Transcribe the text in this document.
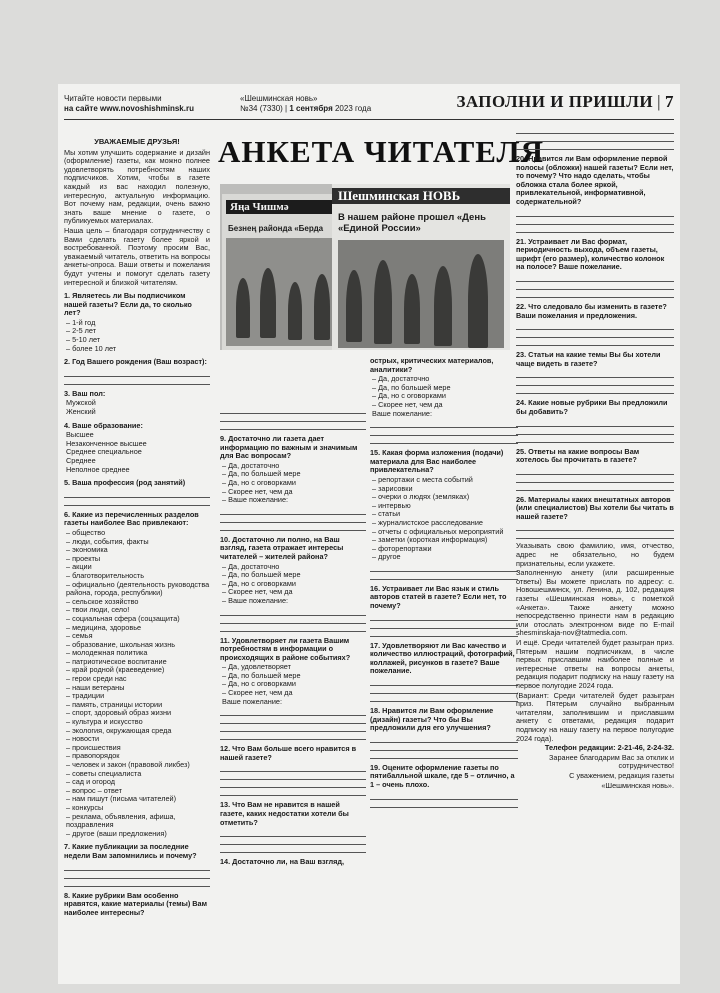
Читайте новости первыми
на сайте www.novoshishminsk.ru
«Шешминская новь»
№34 (7330) | 1 сентября 2023 года	ЗАПОЛНИ И ПРИШЛИ | 7
УВАЖАЕМЫЕ ДРУЗЬЯ!

Мы хотим улучшить содержание и дизайн (оформление) газеты, как можно полнее удовлетворять потребностям наших подписчиков. Хотим, чтобы в газете каждый из вас находил полезную, интересную, актуальную информацию. Вот почему нам, редакции, очень важно знать ваше мнение о газете, о публикуемых материалах.

Наша цель – благодаря сотрудничеству с Вами сделать газету более яркой и востребованной. Поэтому просим Вас, уважаемый читатель, ответить на вопросы анкеты-опроса. Ваши ответы и пожелания будут учтены и помогут сделать газету интересной и близкой читателям.

1. Являетесь ли Вы подписчиком нашей газеты? Если да, то сколько лет?
– 1-й год
– 2-5 лет
– 5-10 лет
– более 10 лет
2. Год Вашего рождения (Ваш возраст):
3. Ваш пол:
Мужской
Женский
4. Ваше образование:
Высшее
Незаконченное высшее
Среднее специальное
Среднее
Неполное среднее
5. Ваша профессия (род занятий)
6. Какие из перечисленных разделов газеты наиболее Вас привлекают:
– общество
– люди, события, факты
– экономика
– проекты
– акции
– благотворительность
– официально (деятельность руководства района, города, республики)
– сельское хозяйство
– твои люди, село!
– социальная сфера (соцзащита)
– медицина, здоровье
– семья
– образование, школьная жизнь
– молодежная политика
– патриотическое воспитание
– край родной (краеведение)
– герои среди нас
– наши ветераны
– традиции
– память, страницы истории
– спорт, здоровый образ жизни
– культура и искусство
– экология, окружающая среда
– новости
– происшествия
– правопорядок
– человек и закон (правовой ликбез)
– советы специалиста
– сад и огород
– вопрос – ответ
– нам пишут (письма читателей)
– конкурсы
– реклама, объявления, афиша, поздравления
– другое (ваши предложения)
7. Какие публикации за последние недели Вам запомнились и почему?
8. Какие рубрики Вам особенно нравятся, какие материалы (темы) Вам наиболее интересны?
АНКЕТА ЧИТАТЕЛЯ
Яңа Чишмә
Безнең районда «Берда
Шешминская НОВЬ
В нашем районе прошел «День «Единой России»
9. Достаточно ли газета дает информацию по важным и значимым для Вас вопросам?
– Да, достаточно
– Да, по большей мере
– Да, но с оговорками
– Скорее нет, чем да
– Ваше пожелание:
10. Достаточно ли полно, на Ваш взгляд, газета отражает интересы читателей – жителей района?
– Да, достаточно
– Да, по большей мере
– Да, но с оговорками
– Скорее нет, чем да
– Ваше пожелание:
11. Удовлетворяет ли газета Вашим потребностям в информации о происходящих в районе событиях?
– Да, удовлетворяет
– Да, по большей мере
– Да, но с оговорками
– Скорее нет, чем да
Ваше пожелание:
12. Что Вам больше всего нравится в нашей газете?
13. Что Вам не нравится в нашей газете, каких недостатки хотели бы отметить?
14. Достаточно ли, на Ваш взгляд,
острых, критических материалов, аналитики?
– Да, достаточно
– Да, по большей мере
– Да, но с оговорками
– Скорее нет, чем да
Ваше пожелание:
15. Какая форма изложения (подачи) материала для Вас наиболее привлекательна?
– репортажи с места событий
– зарисовки
– очерки о людях (земляках)
– интервью
– статьи
– журналистское расследование
– отчеты с официальных мероприятий
– заметки (короткая информация)
– фоторепортажи
– другое
16. Устраивает ли Вас язык и стиль авторов статей в газете? Если нет, то почему?
17. Удовлетворяют ли Вас качество и количество иллюстраций, фотографий, коллажей, рисунков в газете? Ваше пожелание.
18. Нравится ли Вам оформление (дизайн) газеты? Что бы Вы предложили для его улучшения?
19. Оцените оформление газеты по пятибалльной шкале, где 5 – отлично, а 1 – очень плохо.
20. Нравится ли Вам оформление первой полосы (обложки) нашей газеты? Если нет, то почему? Что надо сделать, чтобы обложка стала более яркой, привлекательной, информативной, содержательной?
21. Устраивает ли Вас формат, периодичность выхода, объем газеты, шрифт (его размер), количество колонок на полосе? Ваше пожелание.
22. Что следовало бы изменить в газете? Ваши пожелания и предложения.
23. Статьи на какие темы Вы бы хотели чаще видеть в газете?
24. Какие новые рубрики Вы предложили бы добавить?
25. Ответы на какие вопросы Вам хотелось бы прочитать в газете?
26. Материалы каких внештатных авторов (или специалистов) Вы хотели бы читать в нашей газете?

Указывать свою фамилию, имя, отчество, адрес не обязательно, но будем признательны, если укажете.

Заполненную анкету (или расширенные ответы) Вы можете прислать по адресу: с. Новошешминск, ул. Ленина, д. 102, редакция газеты «Шешминская новь», с пометкой «Анкета». Также анкету можно непосредственно принести нам в редакцию или отослать электронном виде по E-mail shesminskaja-nov@tatmedia.com.

И ещё. Среди читателей будет разыгран приз. Пятерым нашим подписчикам, в числе первых приславшим наиболее полные и интересные ответы на вопросы анкеты, редакция подарит подписку на нашу газету на первое полугодие 2024 года.

(Вариант: Среди читателей будет разыгран приз. Пятерым случайно выбранным читателям, заполнившим и приславшим анкету с ответами, редакция подарит подписку на нашу газету на первое полугодие 2024 года).

Телефон редакции: 2-21-46, 2-24-32.

Заранее благодарим Вас за отклик и сотрудничество!

С уважением, редакция газеты

«Шешминская новь».
